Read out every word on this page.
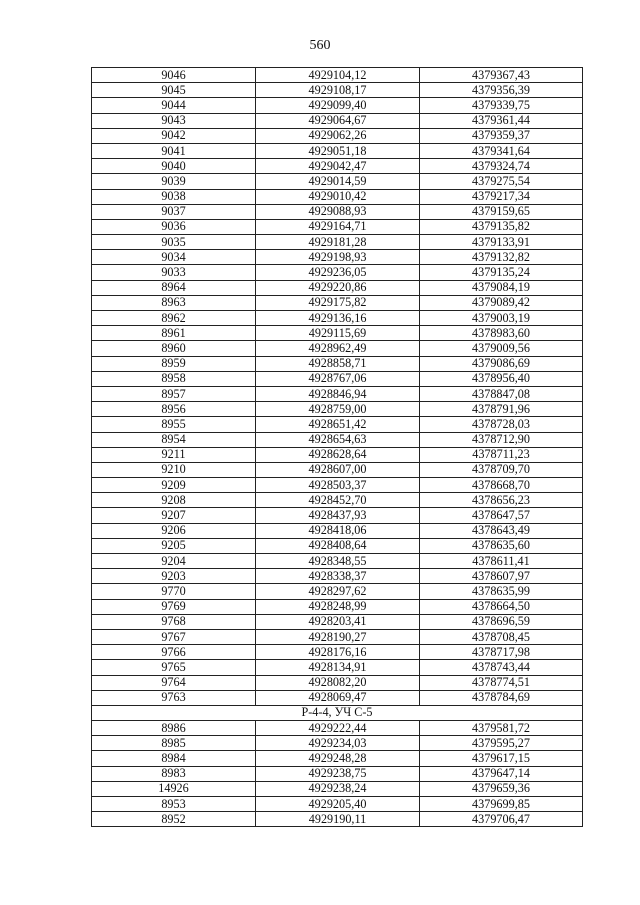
560
9046	4929104,12	4379367,43
9045	4929108,17	4379356,39
9044	4929099,40	4379339,75
9043	4929064,67	4379361,44
9042	4929062,26	4379359,37
9041	4929051,18	4379341,64
9040	4929042,47	4379324,74
9039	4929014,59	4379275,54
9038	4929010,42	4379217,34
9037	4929088,93	4379159,65
9036	4929164,71	4379135,82
9035	4929181,28	4379133,91
9034	4929198,93	4379132,82
9033	4929236,05	4379135,24
8964	4929220,86	4379084,19
8963	4929175,82	4379089,42
8962	4929136,16	4379003,19
8961	4929115,69	4378983,60
8960	4928962,49	4379009,56
8959	4928858,71	4379086,69
8958	4928767,06	4378956,40
8957	4928846,94	4378847,08
8956	4928759,00	4378791,96
8955	4928651,42	4378728,03
8954	4928654,63	4378712,90
9211	4928628,64	4378711,23
9210	4928607,00	4378709,70
9209	4928503,37	4378668,70
9208	4928452,70	4378656,23
9207	4928437,93	4378647,57
9206	4928418,06	4378643,49
9205	4928408,64	4378635,60
9204	4928348,55	4378611,41
9203	4928338,37	4378607,97
9770	4928297,62	4378635,99
9769	4928248,99	4378664,50
9768	4928203,41	4378696,59
9767	4928190,27	4378708,45
9766	4928176,16	4378717,98
9765	4928134,91	4378743,44
9764	4928082,20	4378774,51
9763	4928069,47	4378784,69
Р-4-4, УЧ С-5		
8986	4929222,44	4379581,72
8985	4929234,03	4379595,27
8984	4929248,28	4379617,15
8983	4929238,75	4379647,14
14926	4929238,24	4379659,36
8953	4929205,40	4379699,85
8952	4929190,11	4379706,47
